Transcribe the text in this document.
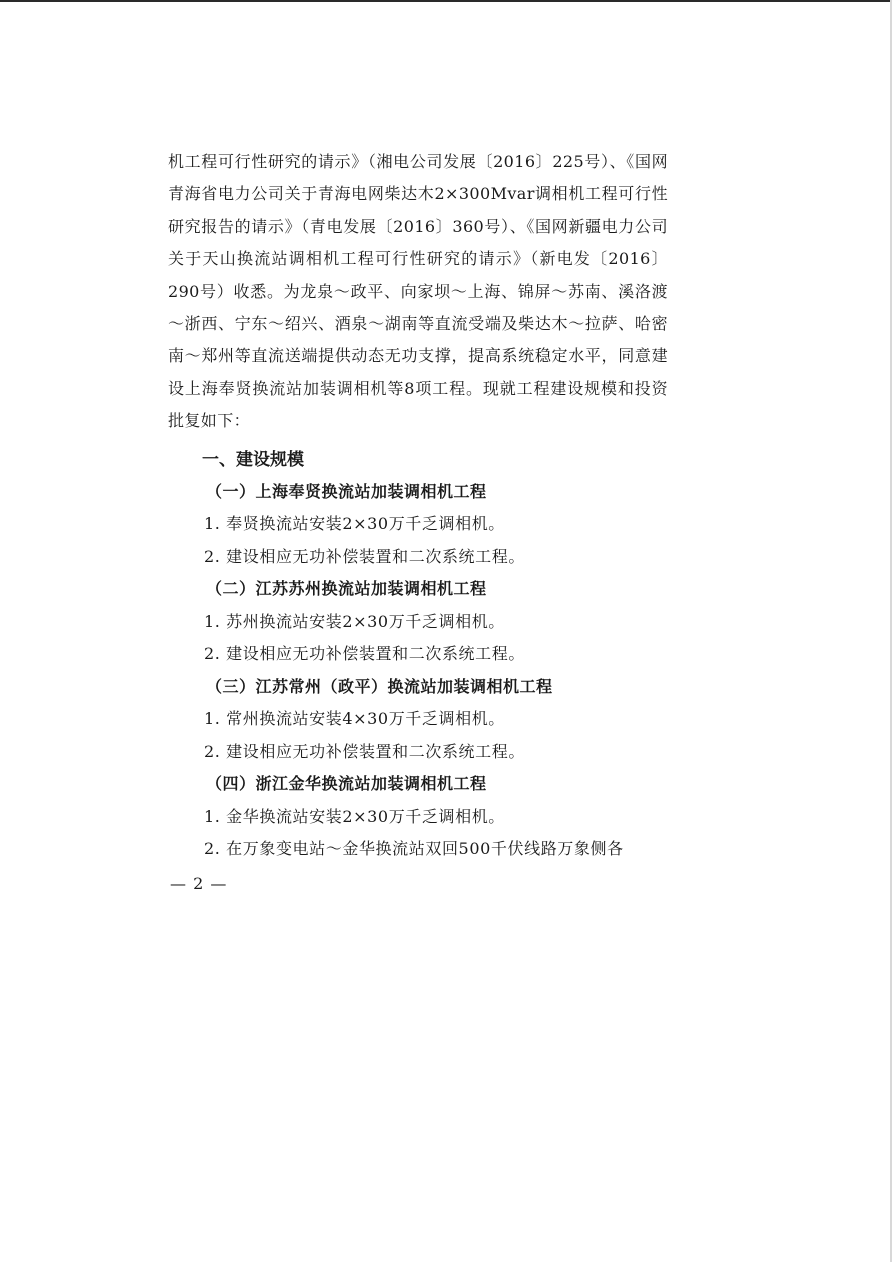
机工程可行性研究的请示》（湘电公司发展〔2016〕225号）、《国网青海省电力公司关于青海电网柴达木2×300Mvar调相机工程可行性研究报告的请示》（青电发展〔2016〕360号）、《国网新疆电力公司关于天山换流站调相机工程可行性研究的请示》（新电发〔2016〕290号）收悉。为龙泉～政平、向家坝～上海、锦屏～苏南、溪洛渡～浙西、宁东～绍兴、酒泉～湖南等直流受端及柴达木～拉萨、哈密南～郑州等直流送端提供动态无功支撑，提高系统稳定水平，同意建设上海奉贤换流站加装调相机等8项工程。现就工程建设规模和投资批复如下：

一、建设规模

（一）上海奉贤换流站加装调相机工程

1. 奉贤换流站安装2×30万千乏调相机。

2. 建设相应无功补偿装置和二次系统工程。

（二）江苏苏州换流站加装调相机工程

1. 苏州换流站安装2×30万千乏调相机。

2. 建设相应无功补偿装置和二次系统工程。

（三）江苏常州（政平）换流站加装调相机工程

1. 常州换流站安装4×30万千乏调相机。

2. 建设相应无功补偿装置和二次系统工程。

（四）浙江金华换流站加装调相机工程

1. 金华换流站安装2×30万千乏调相机。

2. 在万象变电站～金华换流站双回500千伏线路万象侧各

— 2 —
